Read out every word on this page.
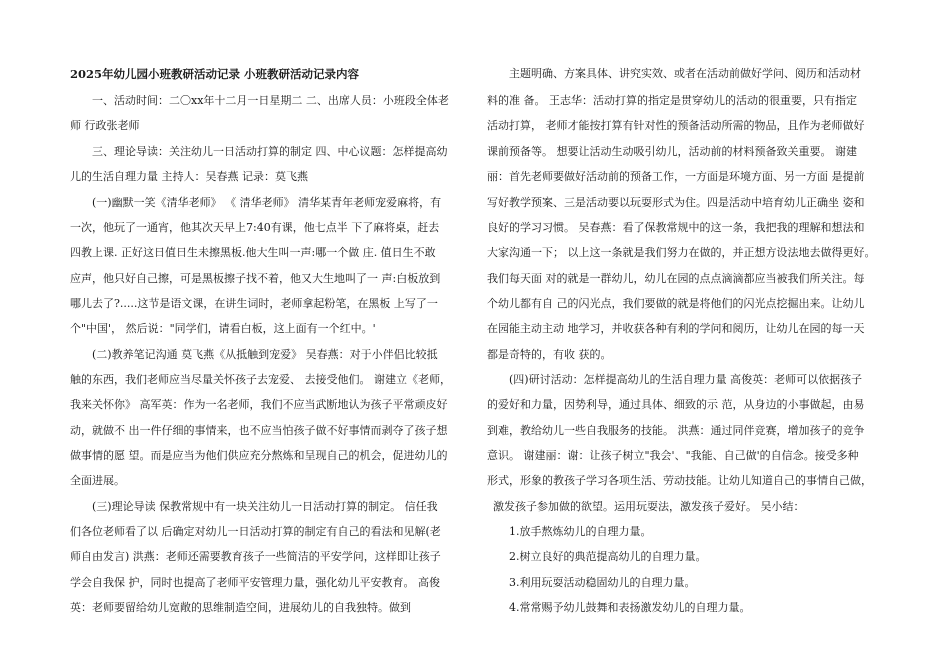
2025年幼儿园小班教研活动记录 小班教研活动记录内容
一、活动时间：二〇xx年十二月一日星期二 二、出席人员：小班段全体老
师 行政张老师
三、理论导读：关注幼儿一日活动打算的制定 四、中心议题：怎样提高幼
儿的生活自理力量 主持人：吴春燕 记录：莫飞燕
(一)幽默一笑《清华老师》 《 清华老师》 清华某青年老师宠爱麻将，有
一次，他玩了一通宵，他其次天早上7:40有课，他七点半 下了麻将桌，赶去
四教上课. 正好这日值日生未擦黑板.他大生叫一声:哪一个做 庄. 值日生不敢
应声，他只好自己擦，可是黑板擦子找不着，他又大生地叫了一 声:白板放到
哪儿去了?.....这节是语文课，在讲生词时，老师拿起粉笔，在黑板 上写了一
个"中国'， 然后说："同学们，请看白板，这上面有一个红中。'
(二)教养笔记沟通 莫飞燕《从抵触到宠爱》 吴春燕：对于小伴侣比较抵
触的东西，我们老师应当尽量关怀孩子去宠爱、 去接受他们。 谢建立《老师，
我来关怀你》 高军英：作为一名老师，我们不应当武断地认为孩子平常顽皮好
动，就做不 出一件仔细的事情来，也不应当怕孩子做不好事情而剥夺了孩子想
做事情的愿 望。而是应当为他们供应充分熬炼和呈现自己的机会，促进幼儿的
全面进展。
(三)理论导读 保教常规中有一块关注幼儿一日活动打算的制定。 信任我
们各位老师看了以 后确定对幼儿一日活动打算的制定有自己的看法和见解(老
师自由发言) 洪燕：老师还需要教育孩子一些简洁的平安学问，这样即让孩子
学会自我保 护，同时也提高了老师平安管理力量，强化幼儿平安教育。 高俊
英：老师要留给幼儿宽敞的思维制造空间，进展幼儿的自我独特。做到
主题明确、方案具体、讲究实效、或者在活动前做好学问、阅历和活动材
料的准 备。 王志华：活动打算的指定是贯穿幼儿的活动的很重要，只有指定
活动打算， 老师才能按打算有针对性的预备活动所需的物品，且作为老师做好
课前预备等。 想要让活动生动吸引幼儿，活动前的材料预备致关重要。 谢建
丽：首先老师要做好活动前的预备工作，一方面是环境方面、另一方面 是提前
写好教学预案、三是活动要以玩耍形式为住。四是活动中培育幼儿正确坐 姿和
良好的学习习惯。 吴春燕：看了保教常规中的这一条，我把我的理解和想法和
大家沟通一下； 以上这一条就是我们努力在做的，并正想方设法地去做得更好。
我们每天面 对的就是一群幼儿，幼儿在园的点点滴滴都应当被我们所关注。每
个幼儿都有自 己的闪光点，我们要做的就是将他们的闪光点挖掘出来。让幼儿
在园能主动主动 地学习，并收获各种有利的学问和阅历，让幼儿在园的每一天
都是奇特的，有收 获的。
(四)研讨活动：怎样提高幼儿的生活自理力量 高俊英：老师可以依据孩子
的爱好和力量，因势利导，通过具体、细致的示 范，从身边的小事做起，由易
到难，教给幼儿一些自我服务的技能。 洪燕：通过同伴竞赛，增加孩子的竞争
意识。 谢建丽：谢：让孩子树立"我会'、"我能、自己做'的自信念。接受多种
形式，形象的教孩子学习各项生活、劳动技能。让幼儿知道自己的事情自己做，
激发孩子参加做的欲望。运用玩耍法，激发孩子爱好。 吴小结：
1.放手熬炼幼儿的自理力量。
2.树立良好的典范提高幼儿的自理力量。
3.利用玩耍活动稳固幼儿的自理力量。
4.常常赐予幼儿鼓舞和表扬激发幼儿的自理力量。
